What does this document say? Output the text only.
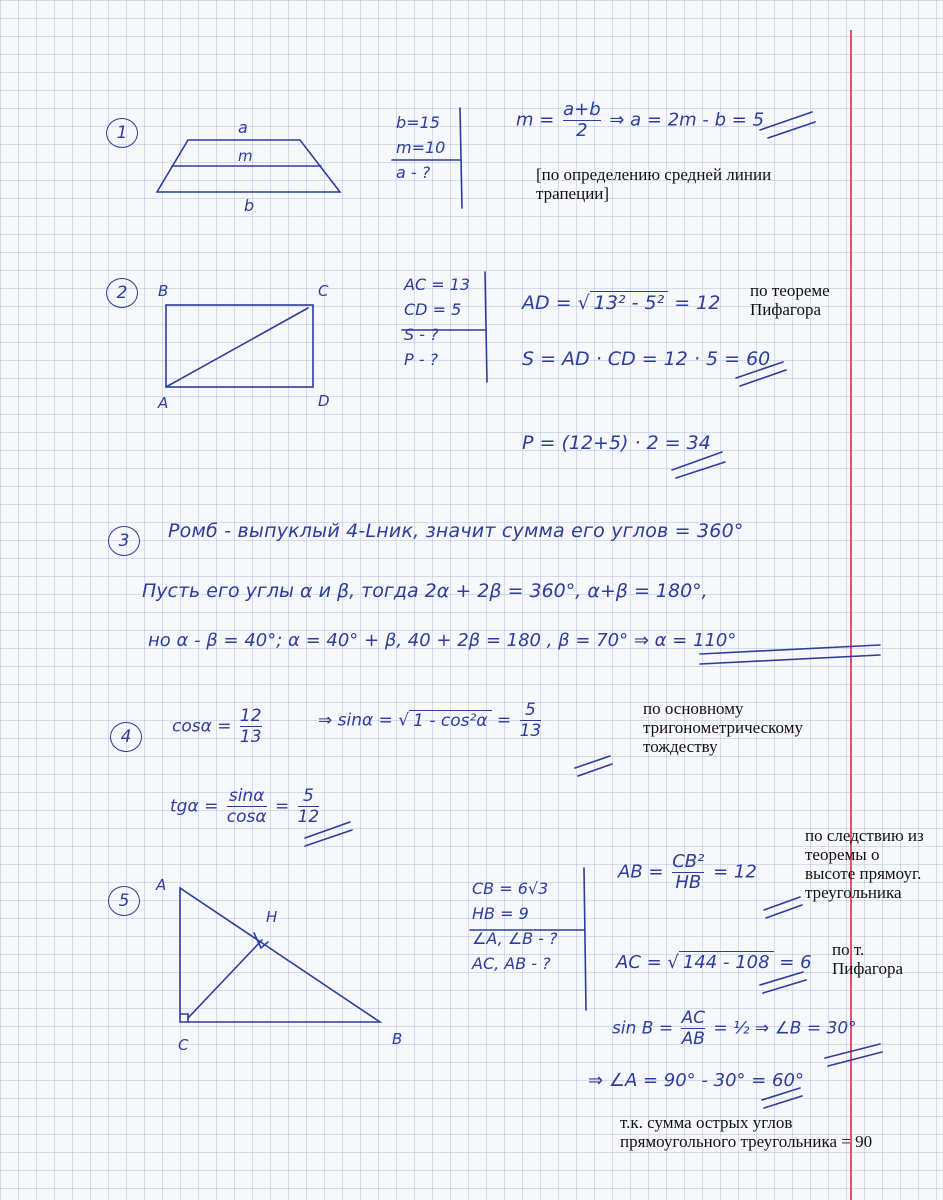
1	a
m
b
b=15
m=10
a - ?
$m = \frac{a+b}{2}$ ⇒ a = 2m - b = 5
[по определению средней линии
трапеции]
2	B	C
A	D
AC = 13
CD = 5
S - ?
P - ?
AD = √ 13² - 5² = 12
S = AD · CD = 12 · 5 = 60
P = (12+5) · 2 = 34
по теореме
Пифагора
3	Ромб - выпуклый 4-Lник, значит сумма его углов = 360°
Пусть его углы α и β, тогда 2α + 2β = 360°, α+β = 180°,
но α - β = 40°; α = 40° + β, 40 + 2β = 180 , β = 70° ⇒ α = 110°
4
$\cos\alpha = \frac{12}{13}$	⇒ sinα = √ $1 - \cos^2\alpha = \frac{5}{13}$
$tg\alpha = \frac{\sin\alpha}{\cos\alpha} = \frac{5}{12}$
по основному
тригонометрическому
тождеству
5
A
H
C	B
CB = 6√3
HB = 9
∠A, ∠B - ?
AC, AB - ?
AB = $\frac{\text{CB²}}{HB} = 12$
AC = √ 144 - 108 = 6
$\sin B = \frac{AC}{AB}$ = ½ ⇒ ∠B = 30°
⇒ ∠A = 90° - 30° = 60°
по следствию из
теоремы о
высоте прямоуг.
треугольника
по т.
Пифагора
т.к. сумма острых углов
прямоугольного треугольника = 90
